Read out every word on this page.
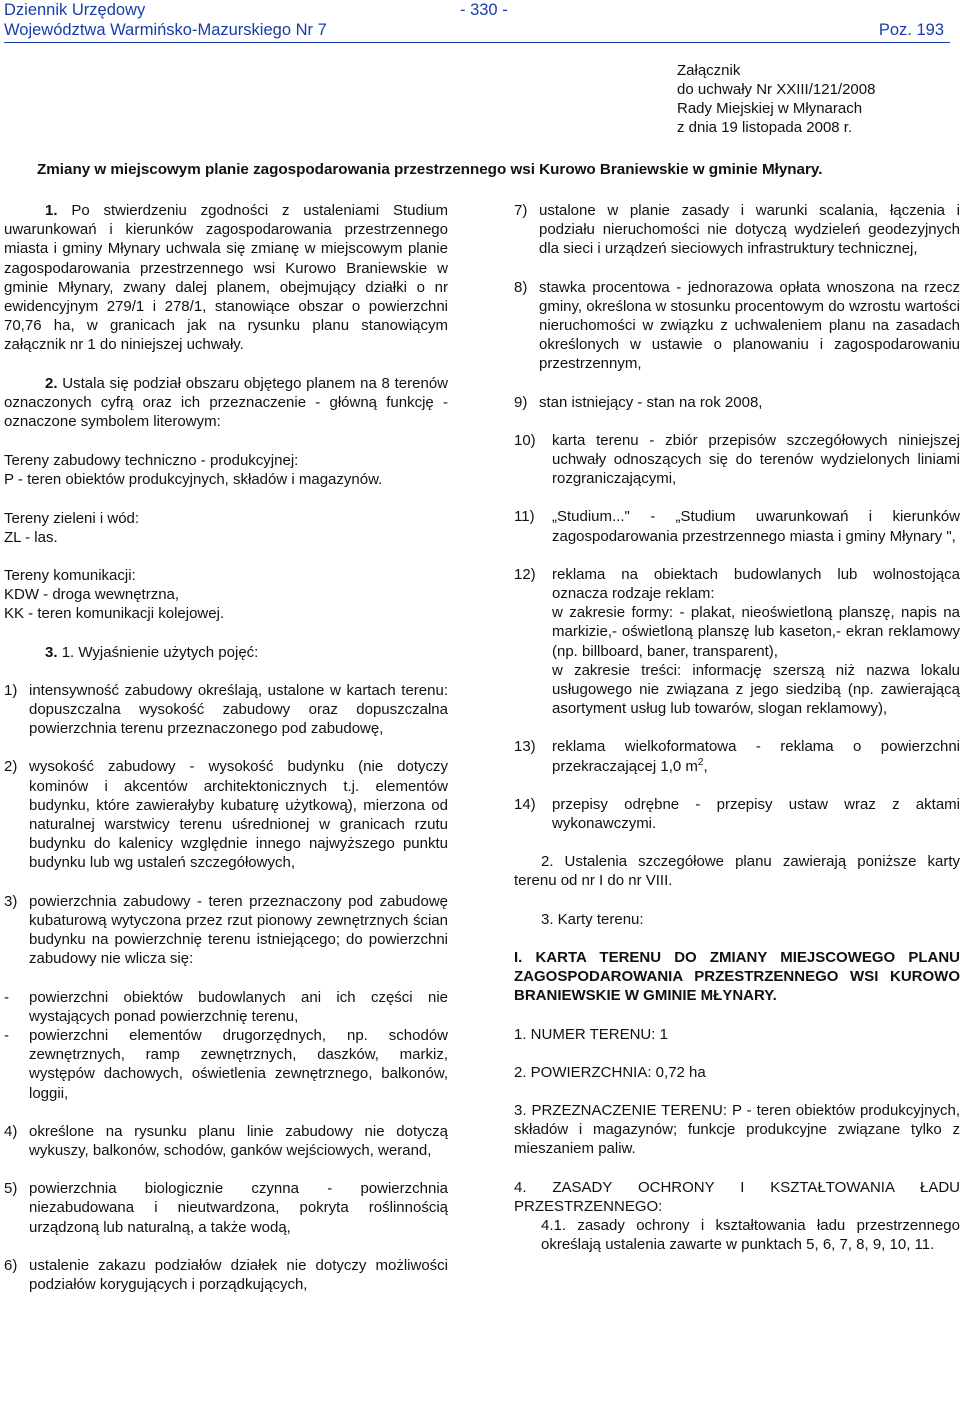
Dziennik Urzędowy	- 330 -
Województwa Warmińsko-Mazurskiego Nr 7	Poz. 193
Załącznik
do uchwały Nr XXIII/121/2008
Rady Miejskiej w Młynarach
z dnia 19 listopada 2008 r.
Zmiany w miejscowym planie zagospodarowania przestrzennego wsi Kurowo Braniewskie w gminie Młynary.

1. Po stwierdzeniu zgodności z ustaleniami Studium uwarunkowań i kierunków zagospodarowania przestrzennego miasta i gminy Młynary uchwala się zmianę w miejscowym planie zagospodarowania przestrzennego wsi Kurowo Braniewskie w gminie Młynary, zwany dalej planem, obejmujący działki o nr ewidencyjnym 279/1 i 278/1, stanowiące obszar o powierzchni 70,76 ha, w granicach jak na rysunku planu stanowiącym załącznik nr 1 do niniejszej uchwały.

2. Ustala się podział obszaru objętego planem na 8 terenów oznaczonych cyfrą oraz ich przeznaczenie - główną funkcję - oznaczone symbolem literowym:

Tereny zabudowy techniczno - produkcyjnej:

P - teren obiektów produkcyjnych, składów i magazynów.

Tereny zieleni i wód:

ZL - las.

Tereny komunikacji:

KDW - droga wewnętrzna,

KK - teren komunikacji kolejowej.

3. 1. Wyjaśnienie użytych pojęć:

1) intensywność zabudowy określają, ustalone w kartach terenu: dopuszczalna wysokość zabudowy oraz dopuszczalna powierzchnia terenu przeznaczonego pod zabudowę,
2) wysokość zabudowy - wysokość budynku (nie dotyczy kominów i akcentów architektonicznych t.j. elementów budynku, które zawierałyby kubaturę użytkową), mierzona od naturalnej warstwicy terenu uśrednionej w granicach rzutu budynku do kalenicy względnie innego najwyższego punktu budynku lub wg ustaleń szczegółowych,
3) powierzchnia zabudowy - teren przeznaczony pod zabudowę kubaturową wytyczona przez rzut pionowy zewnętrznych ścian budynku na powierzchnię terenu istniejącego; do powierzchni zabudowy nie wlicza się:
- powierzchni obiektów budowlanych ani ich części nie wystających ponad powierzchnię terenu,
- powierzchni elementów drugorzędnych, np. schodów zewnętrznych, ramp zewnętrznych, daszków, markiz, występów dachowych, oświetlenia zewnętrznego, balkonów, loggii,
4) określone na rysunku planu linie zabudowy nie dotyczą wykuszy, balkonów, schodów, ganków wejściowych, werand,
5) powierzchnia biologicznie czynna - powierzchnia niezabudowana i nieutwardzona, pokryta roślinnością urządzoną lub naturalną, a także wodą,
6) ustalenie zakazu podziałów działek nie dotyczy możliwości podziałów korygujących i porządkujących,
7) ustalone w planie zasady i warunki scalania, łączenia i podziału nieruchomości nie dotyczą wydzieleń geodezyjnych dla sieci i urządzeń sieciowych infrastruktury technicznej,
8) stawka procentowa - jednorazowa opłata wnoszona na rzecz gminy, określona w stosunku procentowym do wzrostu wartości nieruchomości w związku z uchwaleniem planu na zasadach określonych w ustawie o planowaniu i zagospodarowaniu przestrzennym,
9) stan istniejący - stan na rok 2008,
10) karta terenu - zbiór przepisów szczegółowych niniejszej uchwały odnoszących się do terenów wydzielonych liniami rozgraniczającymi,
11) „Studium..." - „Studium uwarunkowań i kierunków zagospodarowania przestrzennego miasta i gminy Młynary ",
12) reklama na obiektach budowlanych lub wolnostojąca oznacza rodzaje reklam:
w zakresie formy: - plakat, nieoświetloną planszę, napis na markizie,- oświetloną planszę lub kaseton,- ekran reklamowy (np. billboard, baner, transparent),
w zakresie treści: informację szerszą niż nazwa lokalu usługowego nie związana z jego siedzibą (np. zawierającą asortyment usług lub towarów, slogan reklamowy),
13) reklama wielkoformatowa - reklama o powierzchni przekraczającej 1,0 $m^2$,
14) przepisy odrębne - przepisy ustaw wraz z aktami wykonawczymi.

2. Ustalenia szczegółowe planu zawierają poniższe karty terenu od nr I do nr VIII.

3. Karty terenu:

I. KARTA TERENU DO ZMIANY MIEJSCOWEGO PLANU ZAGOSPODAROWANIA PRZESTRZENNEGO WSI KUROWO BRANIEWSKIE W GMINIE MŁYNARY.

1. NUMER TERENU: 1

2. POWIERZCHNIA: 0,72 ha

3. PRZEZNACZENIE TERENU: P - teren obiektów produkcyjnych, składów i magazynów; funkcje produkcyjne związane tylko z mieszaniem paliw.

4. ZASADY OCHRONY I KSZTAŁTOWANIA ŁADU PRZESTRZENNEGO:

4.1. zasady ochrony i kształtowania ładu przestrzennego określają ustalenia zawarte w punktach 5, 6, 7, 8, 9, 10, 11.
